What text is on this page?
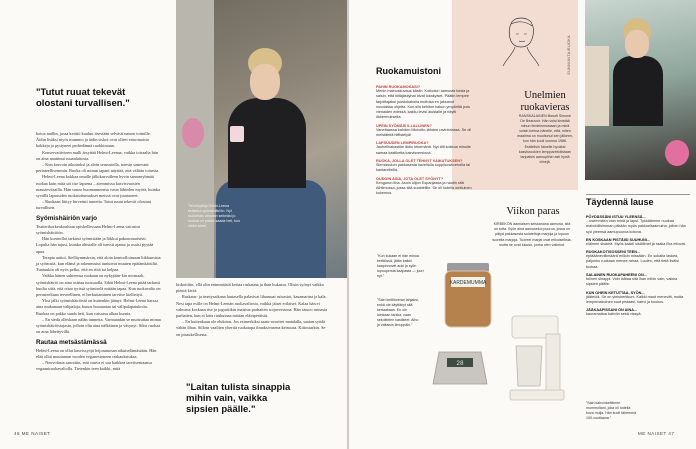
"Tutut ruuat tekevät olostani turvallisen."

kotoa mallin, jossa keittiö kuuluu itsestään selvästi naisen toimille. Äidin lisäksi myös mummo ja äidin siskot ovat olleet erinomaisia kokkeja ja pystyneet perhedännä ruokkimaan.

Konservatiivinen malli ärsyttää Helmi-Leenaa, vaikka toisaalta hän on aina nauttinut ruuanlaitosta.

– Kun kasvoin aikuiseksi ja aloin seurustella, totesin sanovani perinteellisemmin. Ruoka oli minun tapani näyttää, että välitän toisesta.

Helmi-Leena kokkaa omalle jälkikasvulleen hyvin samanryhmää ruokaa kuin mitä söi itse lapsena – aiemmissa kasvisvuosien maustevitsailla. Hän sanoo huomanneensa vasta lähteden myötä, kuinka syvällä lapsuuden ruokatottumukset meissä ovat juurtuneet.

– Ruokaan liittyy hirveästi tunteita. Tutut ruuat tekevät olostani turvallisen.

Syömishäiriön varjo

Teatterikorkeakouluun opiskellessaan Helmi-Leena sairastui syömishäiriöön.

Hän kontrolloi tarkasti syömisiään ja liikkui pakonomaisesti. Lopulta hän tajusi, kuinka altistalle oli tuessti ajanut ja osaisi pyytää apua.

Terapia auttoi. Sielläymmärsin, että aloin kontrolloimaan liikkumista ja syömistä, kun elämä ja rakennustut tuntuivat muuten epätämkäisiltä. Tuntuukin oli nyös pelko, että en riitä tai kelpaa.

Vaikka hänen suhteensa ruokaan on nykyjään-kin normaali, syömishäiriö on aina osittaa tuossaalla. Sikäi Helmi-Leena pitää tarkasti huolta siitä, että ottaa tyrissä syömiselä mitään tapaa. Kun ruokavalio on perusteeltaan terveellinen, ei herkuttaminen tarvitse kiellettyä.

Yksi jälki syömishäiriöstä on kuitenkin jäänyt: Helmi-Leena karsaa aina mukanaan välipaloja, kunos huoaantaa tai välipalapatukoita. Ruokaa on pakko saada heti, kun vatsassa alkaa kurnia.

– En siedä olleskaan nälän tunnetta. Varmaankin se muistuttaa minua syömishäiriöstajasta, jolloin olin aina nälkäinen ja väsynyt. Siksi ruokaa on aina lähettyvillä.

Rautaa metsästämässä

Helmi-Leena on ollut kasvissyöjä leijonanosan aikuiselämästään. Hän elää ollut muutaman vuoden veganestoneen raskaukstuksa.

– Neuvolasta sanottiin, että vauva ei saa kaikkea tarvitsemaansa vegaaniruokavaliolla. Tietenkin teen kaikki, mitä

Tietokirjailija Helmi-Leena seitsetut syömishäiriön. Nyt ruokahalu ainoaan selkeäsi jo ruokaa on pakko saada heti, kun nälkä iskee.

kiskoittiin, vllä olin enimmäistä kertaa raskauna ja ihan hukassa. Olisin syönyt vaikka pieniä kiviä.

Raskaus- ja imetysaikana lautasella palasivat liharuuat ruisastot, kasamarina ja kala. Nesi tapa esille on Helmi-Leenan ruokavaliosta, vaikka jäiset erilaiset. Kalaa hän ei valmista koskaan itse ja jogurttikin maistua parhaiten soijaversiona. Hän saisoo ruinasta parhaiten, kun ei laita ruuhuinaa mitään eläinperäistä.

– En kuitenkaan ole ehdoton. Jos esimerkiksi raatu-avoriset matalalla, saatan syödä vähän lihaa. Silloin vaaliten yhertiä ruokatapa ilmaksivasena keisuusa. Kiitostarkin. Se on pisaukellisesta.

"Laitan tulista sinappia mihin vain, vaikka sipsien päälle."
46 ME NAISET
SUNNUNTAIRUOKA
Ruokamuistoni
PAHIN RUOKAMOKASI?
Menin mainoskuvaus käsiin. Kotiudun aamusta toista ja saisin, että kiitäjäsiiyhat oivat lokakyiset. Päätin lempee tarjoittajaksi juustokakulia muttoka en jaksanut noudattaa ohjetta. Kun siin kehiton kakun ympäriltä pois vienaiden edessä, kakku levisi alustalle ja näytti ökkermukselta.
UPEIN SYÖMÄSI ILLALLINEN?
Vanettaassa kahden Michelin-tähden ravintolassa. Se oli meistähtiä hiffistelyä!
LAPSUUDEN LEMPIRUOKA?
Jauhelihakastike äidin tekemänä. Nyt äiti kokkaa minulle samaa kastiketta kasvisversiona.
RUOKA, JOLLA OLET TEHNYT VAIKUTUKSEN?
Siemissoton pakkasesta kaveitulla suppilovahveroilla tai kantarelleilla.
OUDOIN ASIA, JOTA OLET SYÖNYT?
Kengurun liha. Asuin olljon Espanjassa ja nautin sitä Alhtimossa, jossa sitä suostelliin. Se oli todella omituinen kokemus.
Unelmien ruokavieras
RANSKALAINEN filosofi Simone De Beauvoir. Hän voisi kivistää minun feminismostaan ja minä voisin kertoa hänelle, että, miten maailma on muuttunut sen jälkeen, kun hän kuoli vuonna 1986. Esittelisin hänelle hyväksi kasvisruokien lemppareitoltstaan tarjoaisin aamuyöhin asti hyviä viinejä.
Viikon paras
KIRBEKÖN aamiaisen seiskanana aamuna, sitä on totta. Syön aina aamusekoi puuroa, jossa on pätyä pakkasesta sulatettuja marjoja ja lopuun tuoreita marjoja. Tuoreet marjat ovat erikoisellisia, mutta ne ovat lukuun, jonka olen valinnut.
"Kun kukaan ei näe minua keittiössä, jätän kaikki kaapinnovet auki ja syön lopuupersia kaapasta — juuri nyt."
"Sain keittiöveran lahjaksi, enkä ole käyttänyt sitä kertaakaan. En ole lainkaan tarkka, vaan sekoittelen kastikeet. Alho ja valtaisin ilmuppäin."
KARDEMUMMA
28
Täydennä lause
PÖYDÄSSÄNI ISTUU YLEENSÄ...
...usemmiten vain minä ja lapsi. Tykkäämme nuukaa mahdollisimman pitkään myös pakkoeltaamuina, jolloin hän syö yleensä aamupuuroa kotona.
EN KOSKAAN PISTÄISI SUUHUNI...
eläimen sisämä. Myös kakkii sisällimet ja raaka liha ettuvat.
RUOKAKOTISOSSENI TEEN...
eptäääneviilimäärä milloin missäkin. En sokalla laskea, paljonko ruokaan menee rahaa. Luulen, että tietä lisäisi tuokaa.
SALAINEN RUOKAPAHEENI ON...
tulinen sinappi. Voin laittaa sitä ihan mihin vain, vaikka sipsien päälle.
KUN OHEIN KETUTTAA, SYÖN...
jäätelöä. Se on yleisherkkuni. Kaikki maut menevät, mutta lempemakoinen suut pistaasi, kahvi ja kookos.
JÄÄKAAPISSANI ON AINA...
kauramaitoa kahviin sekä vissyä.
"Sain kahvinkeittimen mummoltani, joka oli todella kova mulja. Hän kuoli tähemmä 100-vuotiaana."
ME NAISET 47
